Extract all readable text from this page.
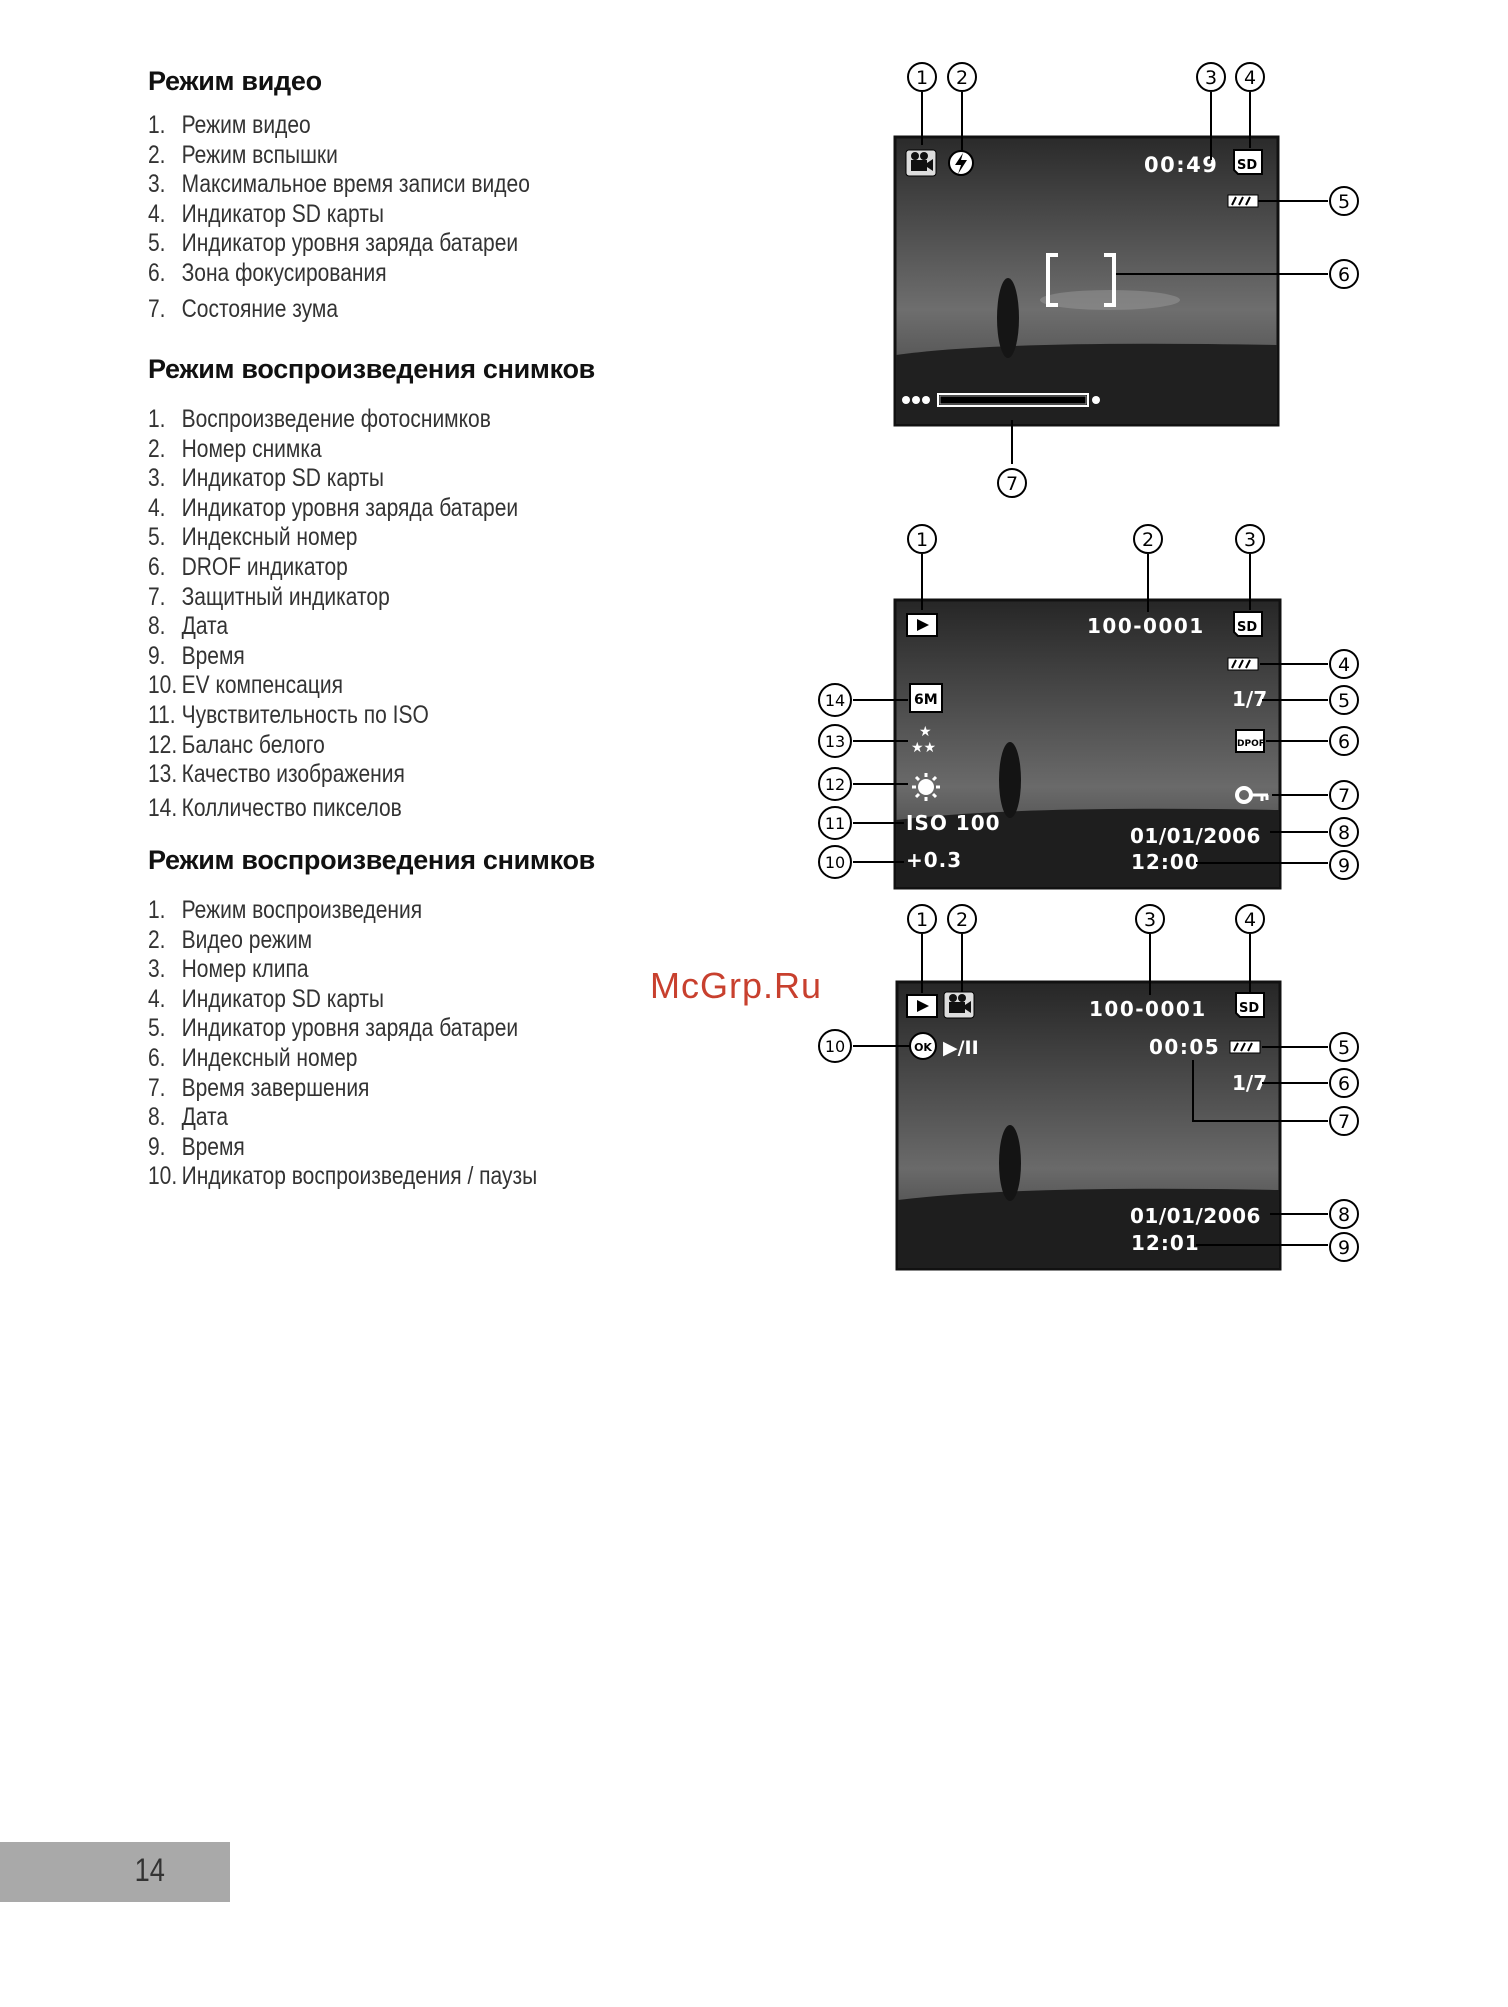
Режим видео
1. Режим видео
2. Режим вспышки
3. Максимальное время записи видео
4. Индикатор SD карты
5. Индикатор уровня заряда батареи
6. Зона фокусирования
7. Состояние зума
Режим воспроизведения снимков
1. Воспроизведение фотоснимков
2. Номер снимка
3. Индикатор SD карты
4. Индикатор уровня заряда батареи
5. Индексный номер
6. DROF индикатор
7. Защитный индикатор
8. Дата
9. Время
10. EV компенсация
11. Чувствительность по ISO
12. Баланс белого
13. Качество изображения
14. Колличество пикселов
Режим воспроизведения снимков
1. Режим воспроизведения
2. Видео режим
3. Номер клипа
4. Индикатор SD карты
5. Индикатор уровня заряда батареи
6. Индексный номер
7. Время завершения
8. Дата
9. Время
10. Индикатор воспроизведения / паузы
00:49 SD
1 2	3 4
5
6
7
100-0001 SD
1/7
DPOF
01/01/2006
12:00
6M
★
★★
ISO 100
+0.3
1	2	3
4
5
6
7
8
9
10
11
12
13
14
100-0001 SD
OK ▶/II	00:05
1/7
01/01/2006
12:01
1 2	3	4
5
6
7
8
9
10
McGrp.Ru
14
